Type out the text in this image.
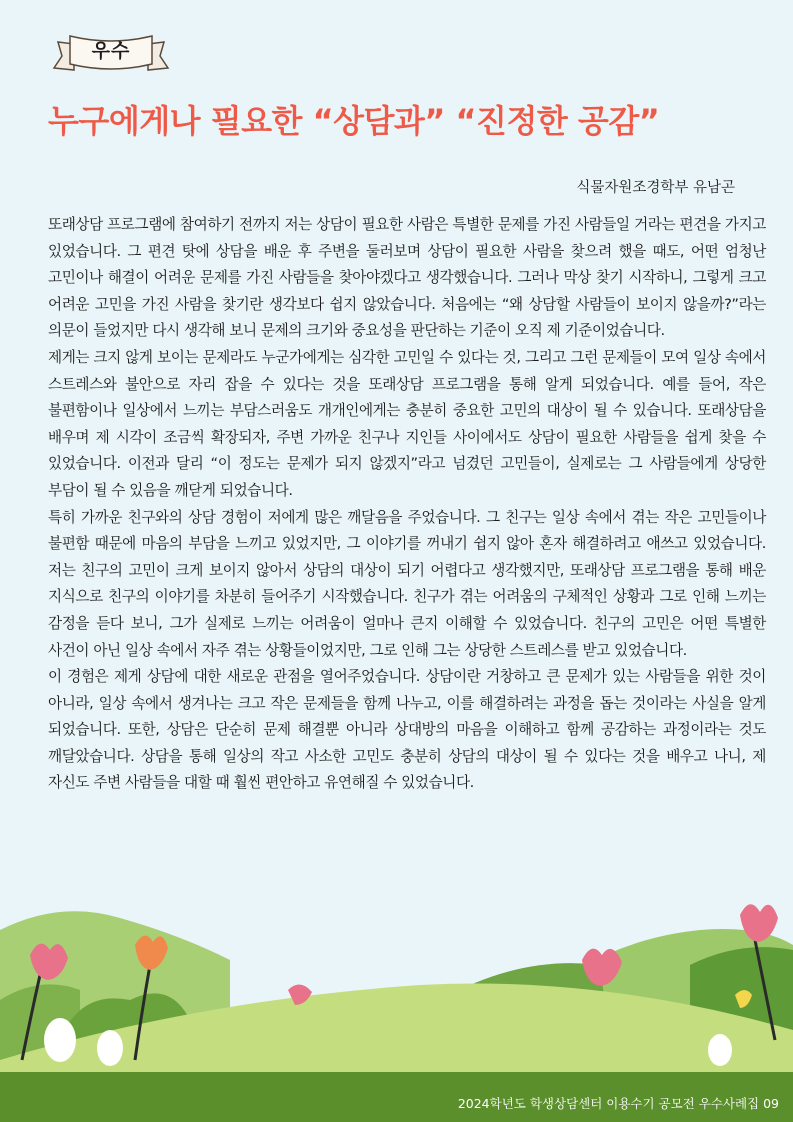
우수
누구에게나 필요한 “상담과” “진정한 공감”
식물자원조경학부 유남곤

또래상담 프로그램에 참여하기 전까지 저는 상담이 필요한 사람은 특별한 문제를 가진 사람들일 거라는 편견을 가지고 있었습니다. 그 편견 탓에 상담을 배운 후 주변을 둘러보며 상담이 필요한 사람을 찾으려 했을 때도, 어떤 엄청난 고민이나 해결이 어려운 문제를 가진 사람들을 찾아야겠다고 생각했습니다. 그러나 막상 찾기 시작하니, 그렇게 크고 어려운 고민을 가진 사람을 찾기란 생각보다 쉽지 않았습니다. 처음에는 “왜 상담할 사람들이 보이지 않을까?”라는 의문이 들었지만 다시 생각해 보니 문제의 크기와 중요성을 판단하는 기준이 오직 제 기준이었습니다.

제게는 크지 않게 보이는 문제라도 누군가에게는 심각한 고민일 수 있다는 것, 그리고 그런 문제들이 모여 일상 속에서 스트레스와 불안으로 자리 잡을 수 있다는 것을 또래상담 프로그램을 통해 알게 되었습니다. 예를 들어, 작은 불편함이나 일상에서 느끼는 부담스러움도 개개인에게는 충분히 중요한 고민의 대상이 될 수 있습니다. 또래상담을 배우며 제 시각이 조금씩 확장되자, 주변 가까운 친구나 지인들 사이에서도 상담이 필요한 사람들을 쉽게 찾을 수 있었습니다. 이전과 달리 “이 정도는 문제가 되지 않겠지”라고 넘겼던 고민들이, 실제로는 그 사람들에게 상당한 부담이 될 수 있음을 깨닫게 되었습니다.

특히 가까운 친구와의 상담 경험이 저에게 많은 깨달음을 주었습니다. 그 친구는 일상 속에서 겪는 작은 고민들이나 불편함 때문에 마음의 부담을 느끼고 있었지만, 그 이야기를 꺼내기 쉽지 않아 혼자 해결하려고 애쓰고 있었습니다. 저는 친구의 고민이 크게 보이지 않아서 상담의 대상이 되기 어렵다고 생각했지만, 또래상담 프로그램을 통해 배운 지식으로 친구의 이야기를 차분히 들어주기 시작했습니다. 친구가 겪는 어려움의 구체적인 상황과 그로 인해 느끼는 감정을 듣다 보니, 그가 실제로 느끼는 어려움이 얼마나 큰지 이해할 수 있었습니다. 친구의 고민은 어떤 특별한 사건이 아닌 일상 속에서 자주 겪는 상황들이었지만, 그로 인해 그는 상당한 스트레스를 받고 있었습니다.

이 경험은 제게 상담에 대한 새로운 관점을 열어주었습니다. 상담이란 거창하고 큰 문제가 있는 사람들을 위한 것이 아니라, 일상 속에서 생겨나는 크고 작은 문제들을 함께 나누고, 이를 해결하려는 과정을 돕는 것이라는 사실을 알게 되었습니다. 또한, 상담은 단순히 문제 해결뿐 아니라 상대방의 마음을 이해하고 함께 공감하는 과정이라는 것도 깨달았습니다. 상담을 통해 일상의 작고 사소한 고민도 충분히 상담의 대상이 될 수 있다는 것을 배우고 나니, 제 자신도 주변 사람들을 대할 때 훨씬 편안하고 유연해질 수 있었습니다.

2024학년도 학생상담센터 이용수기 공모전 우수사례집 09
